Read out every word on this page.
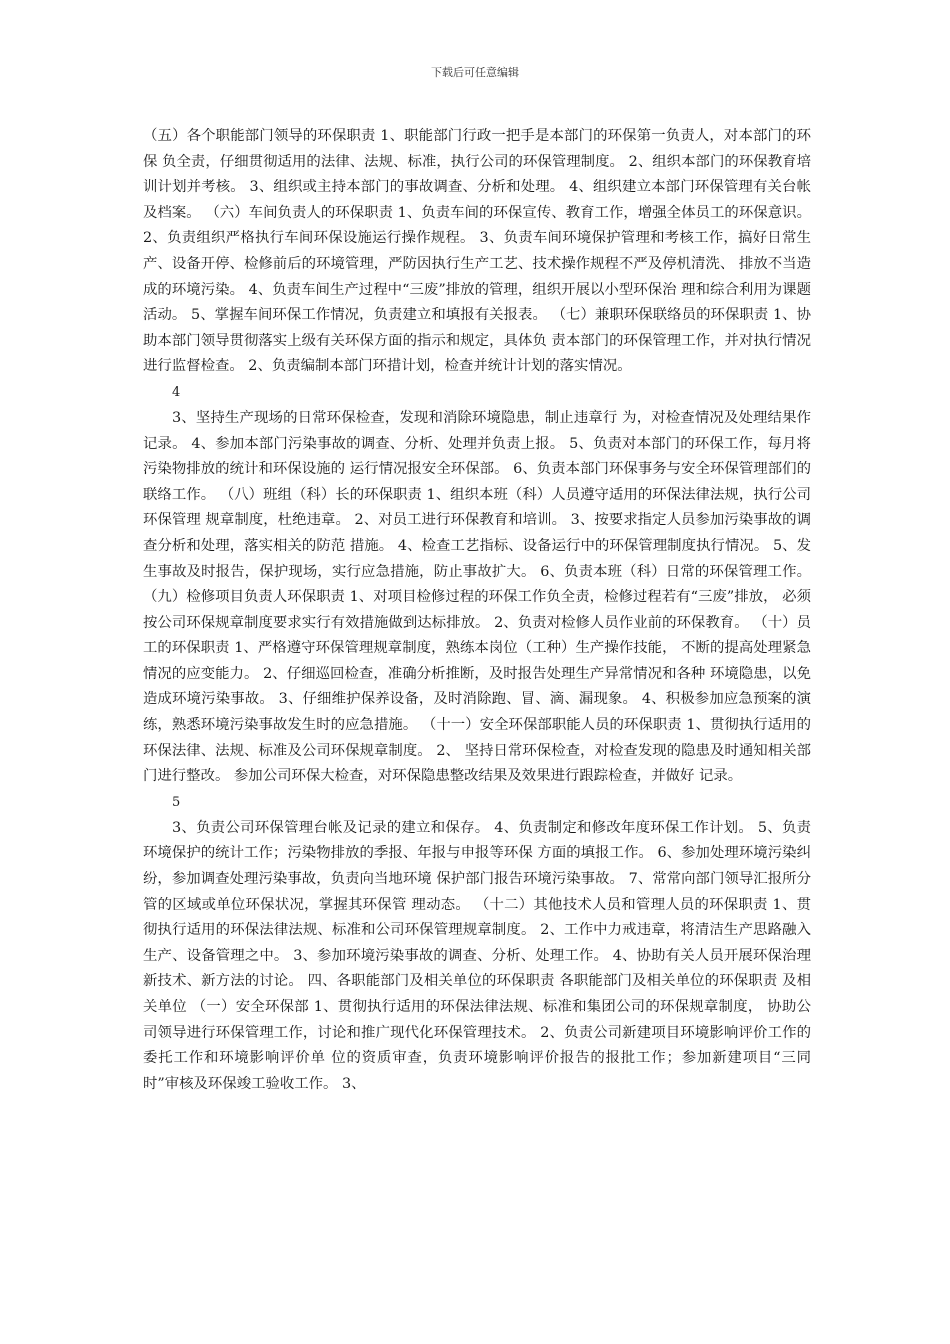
下载后可任意编辑

（五）各个职能部门领导的环保职责 1、职能部门行政一把手是本部门的环保第一负责人，对本部门的环保 负全责，仔细贯彻适用的法律、法规、标准，执行公司的环保管理制度。 2、组织本部门的环保教育培训计划并考核。 3、组织或主持本部门的事故调查、分析和处理。 4、组织建立本部门环保管理有关台帐及档案。 （六）车间负责人的环保职责 1、负责车间的环保宣传、教育工作，增强全体员工的环保意识。 2、负责组织严格执行车间环保设施运行操作规程。 3、负责车间环境保护管理和考核工作，搞好日常生产、设备开停、检修前后的环境管理，严防因执行生产工艺、技术操作规程不严及停机清洗、 排放不当造成的环境污染。 4、负责车间生产过程中“三废”排放的管理，组织开展以小型环保治 理和综合利用为课题活动。 5、掌握车间环保工作情况，负责建立和填报有关报表。 （七）兼职环保联络员的环保职责 1、协助本部门领导贯彻落实上级有关环保方面的指示和规定，具体负 责本部门的环保管理工作，并对执行情况进行监督检查。 2、负责编制本部门环措计划，检查并统计计划的落实情况。

4

3、坚持生产现场的日常环保检查，发现和消除环境隐患，制止违章行 为，对检查情况及处理结果作记录。 4、参加本部门污染事故的调查、分析、处理并负责上报。 5、负责对本部门的环保工作，每月将污染物排放的统计和环保设施的 运行情况报安全环保部。 6、负责本部门环保事务与安全环保管理部们的联络工作。 （八）班组（科）长的环保职责 1、组织本班（科）人员遵守适用的环保法律法规，执行公司环保管理 规章制度，杜绝违章。 2、对员工进行环保教育和培训。 3、按要求指定人员参加污染事故的调查分析和处理，落实相关的防范 措施。 4、检查工艺指标、设备运行中的环保管理制度执行情况。 5、发生事故及时报告，保护现场，实行应急措施，防止事故扩大。 6、负责本班（科）日常的环保管理工作。 （九）检修项目负责人环保职责 1、对项目检修过程的环保工作负全责，检修过程若有“三废”排放， 必须按公司环保规章制度要求实行有效措施做到达标排放。 2、负责对检修人员作业前的环保教育。 （十）员工的环保职责 1、严格遵守环保管理规章制度，熟练本岗位（工种）生产操作技能， 不断的提高处理紧急情况的应变能力。 2、仔细巡回检查，准确分析推断，及时报告处理生产异常情况和各种 环境隐患，以免造成环境污染事故。 3、仔细维护保养设备，及时消除跑、冒、滴、漏现象。 4、积极参加应急预案的演练，熟悉环境污染事故发生时的应急措施。 （十一）安全环保部职能人员的环保职责 1、贯彻执行适用的环保法律、法规、标准及公司环保规章制度。 2、 坚持日常环保检查，对检查发现的隐患及时通知相关部门进行整改。 参加公司环保大检查，对环保隐患整改结果及效果进行跟踪检查，并做好 记录。

5

3、负责公司环保管理台帐及记录的建立和保存。 4、负责制定和修改年度环保工作计划。 5、负责环境保护的统计工作；污染物排放的季报、年报与申报等环保 方面的填报工作。 6、参加处理环境污染纠纷，参加调查处理污染事故，负责向当地环境 保护部门报告环境污染事故。 7、常常向部门领导汇报所分管的区域或单位环保状况，掌握其环保管 理动态。 （十二）其他技术人员和管理人员的环保职责 1、贯彻执行适用的环保法律法规、标准和公司环保管理规章制度。 2、工作中力戒违章，将清洁生产思路融入生产、设备管理之中。 3、参加环境污染事故的调查、分析、处理工作。 4、协助有关人员开展环保治理新技术、新方法的讨论。 四、各职能部门及相关单位的环保职责 各职能部门及相关单位的环保职责 及相关单位 （一）安全环保部 1、贯彻执行适用的环保法律法规、标准和集团公司的环保规章制度， 协助公司领导进行环保管理工作，讨论和推广现代化环保管理技术。 2、负责公司新建项目环境影响评价工作的委托工作和环境影响评价单 位的资质审查，负责环境影响评价报告的报批工作；参加新建项目“三同 时”审核及环保竣工验收工作。 3、
